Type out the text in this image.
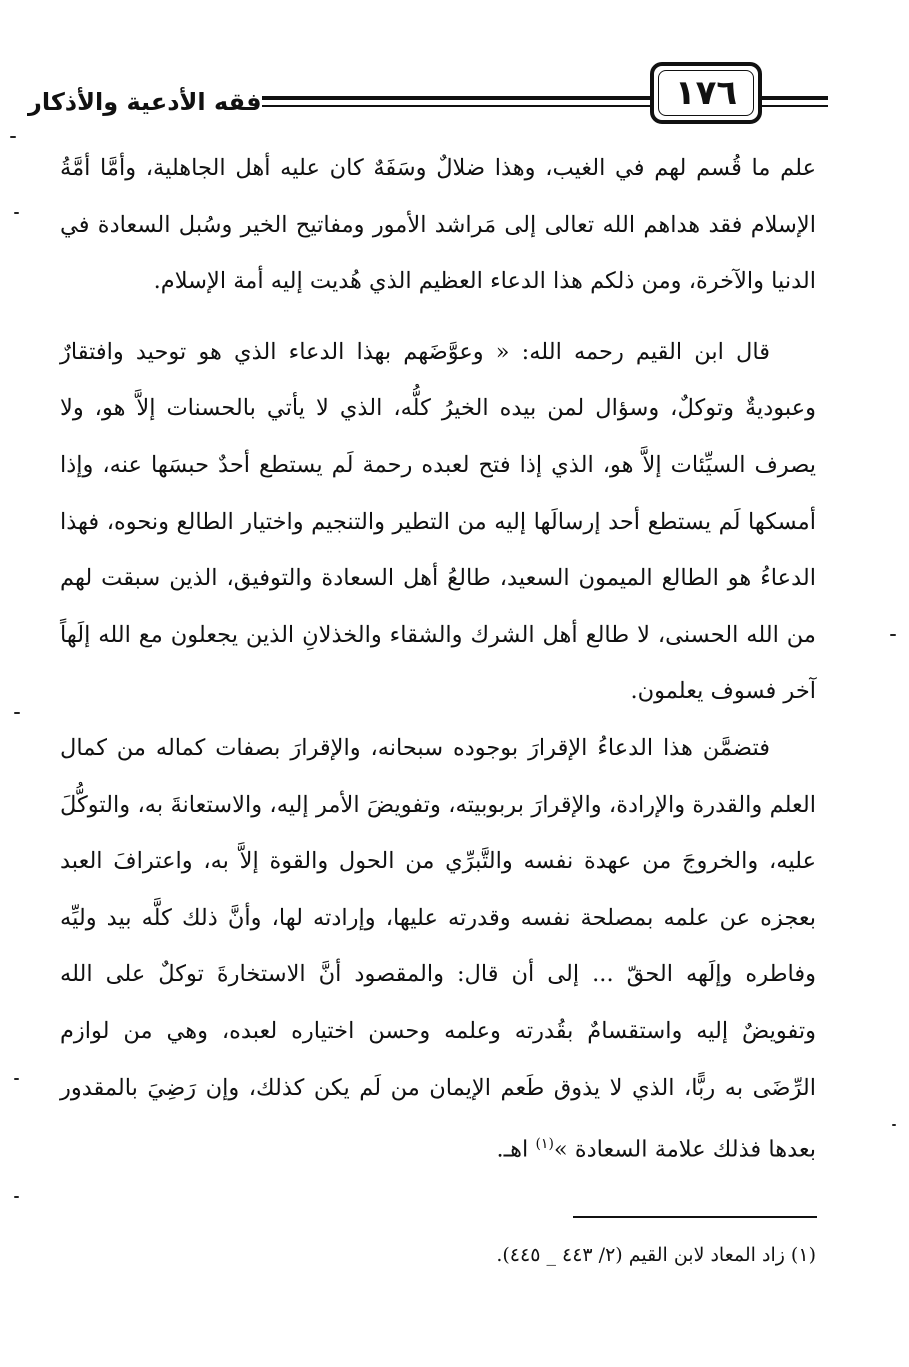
فقه الأدعية والأذكار	١٧٦

علم ما قُسم لهم في الغيب، وهذا ضلالٌ وسَفَهٌ كان عليه أهل الجاهلية، وأمَّا أمَّةُ الإسلام فقد هداهم الله تعالى إلى مَراشد الأمور ومفاتيح الخير وسُبل السعادة في الدنيا والآخرة، ومن ذلكم هذا الدعاء العظيم الذي هُديت إليه أمة الإسلام.

قال ابن القيم رحمه الله: « وعوَّضَهم بهذا الدعاء الذي هو توحيد وافتقارٌ وعبوديةٌ وتوكلٌ، وسؤال لمن بيده الخيرُ كلُّه، الذي لا يأتي بالحسنات إلاَّ هو، ولا يصرف السيِّئات إلاَّ هو، الذي إذا فتح لعبده رحمة لَم يستطع أحدٌ حبسَها عنه، وإذا أمسكها لَم يستطع أحد إرسالَها إليه من التطير والتنجيم واختيار الطالع ونحوه، فهذا الدعاءُ هو الطالع الميمون السعيد، طالعُ أهل السعادة والتوفيق، الذين سبقت لهم من الله الحسنى، لا طالع أهل الشرك والشقاء والخذلانِ الذين يجعلون مع الله إلَهاً آخر فسوف يعلمون.

فتضمَّن هذا الدعاءُ الإقرارَ بوجوده سبحانه، والإقرارَ بصفات كماله من كمال العلم والقدرة والإرادة، والإقرارَ بربوبيته، وتفويضَ الأمر إليه، والاستعانةَ به، والتوكُّلَ عليه، والخروجَ من عهدة نفسه والتَّبرِّي من الحول والقوة إلاَّ به، واعترافَ العبد بعجزه عن علمه بمصلحة نفسه وقدرته عليها، وإرادته لها، وأنَّ ذلك كلَّه بيد وليِّه وفاطره وإلَهه الحقّ ... إلى أن قال: والمقصود أنَّ الاستخارةَ توكلٌ على الله وتفويضٌ إليه واستقسامٌ بقُدرته وعلمه وحسن اختياره لعبده، وهي من لوازم الرِّضَى به ربًّا، الذي لا يذوق طَعم الإيمان من لَم يكن كذلك، وإن رَضِيَ بالمقدور بعدها فذلك علامة السعادة »$^{(١)}$ اهـ.

(١) زاد المعاد لابن القيم (٢/ ٤٤٣ _ ٤٤٥).
